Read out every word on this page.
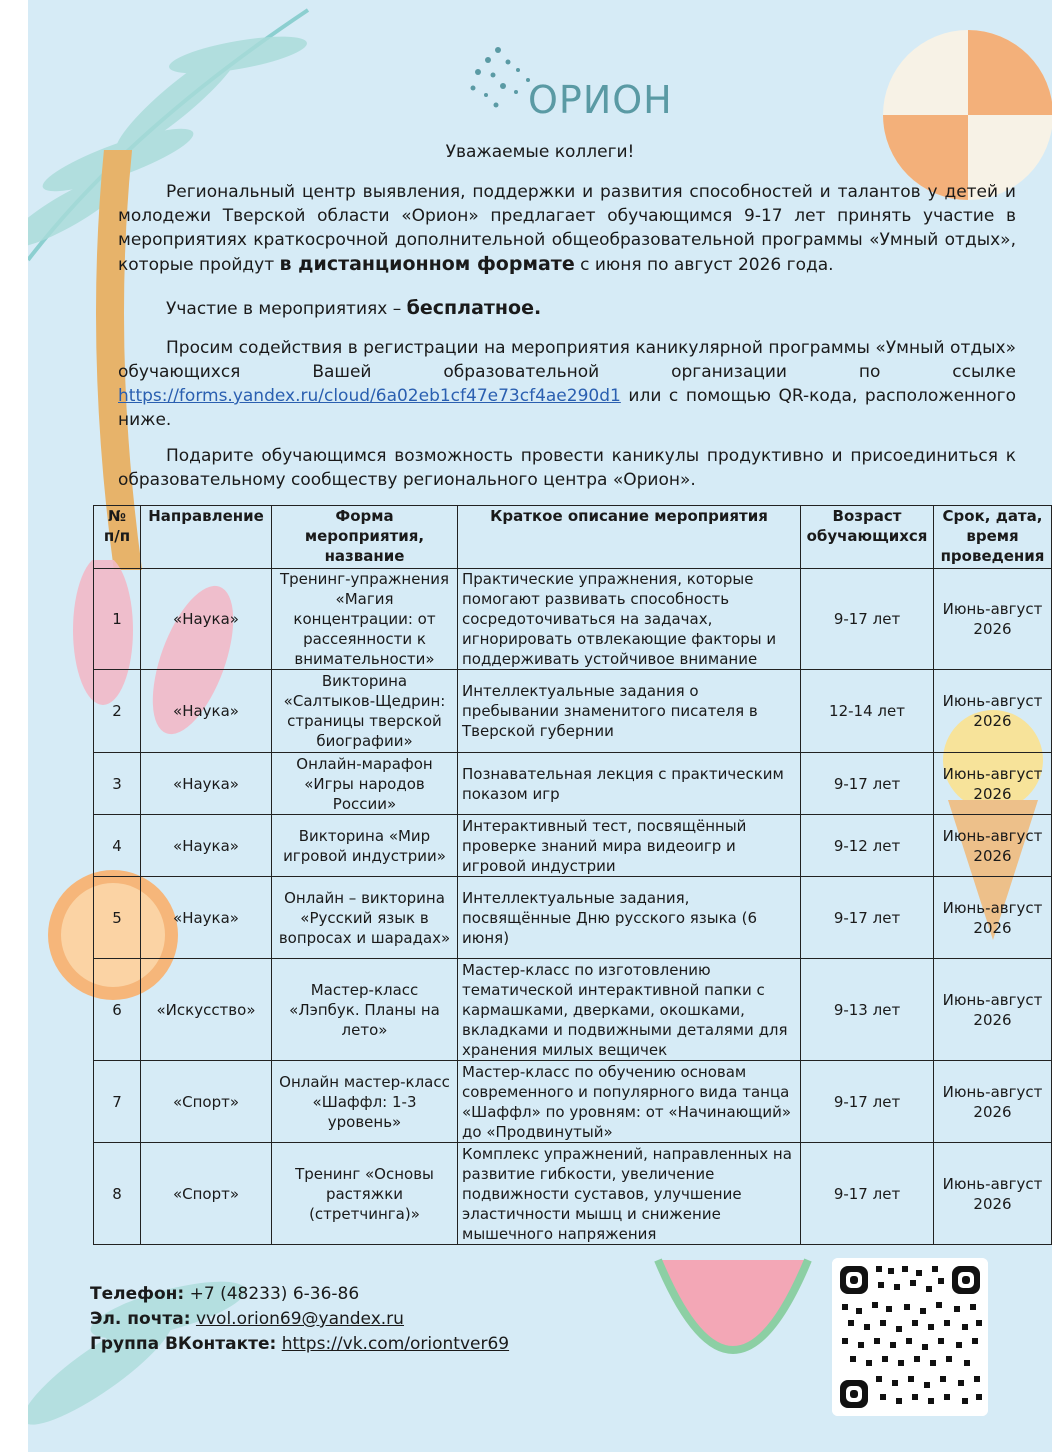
ОРИОН
Уважаемые коллеги!
Региональный центр выявления, поддержки и развития способностей и талантов у детей и молодежи Тверской области «Орион» предлагает обучающимся 9-17 лет принять участие в мероприятиях краткосрочной дополнительной общеобразовательной программы «Умный отдых», которые пройдут в дистанционном формате с июня по август 2026 года.
Участие в мероприятиях – бесплатное.
Просим содействия в регистрации на мероприятия каникулярной программы «Умный отдых» обучающихся Вашей образовательной организации по ссылке https://forms.yandex.ru/cloud/6a02eb1cf47e73cf4ae290d1 или с помощью QR-кода, расположенного ниже.
Подарите обучающимся возможность провести каникулы продуктивно и присоединиться к образовательному сообществу регионального центра «Орион».
№ п/п	Направление	Форма мероприятия, название	Краткое описание мероприятия	Возраст обучающихся	Срок, дата, время проведения
1	«Наука»	Тренинг-упражнения «Магия концентрации: от рассеянности к внимательности»	Практические упражнения, которые помогают развивать способность сосредоточиваться на задачах, игнорировать отвлекающие факторы и поддерживать устойчивое внимание	9-17 лет	Июнь-август 2026
2	«Наука»	Викторина «Салтыков-Щедрин: страницы тверской биографии»	Интеллектуальные задания о пребывании знаменитого писателя в Тверской губернии	12-14 лет	Июнь-август 2026
3	«Наука»	Онлайн-марафон «Игры народов России»	Познавательная лекция с практическим показом игр	9-17 лет	Июнь-август 2026
4	«Наука»	Викторина «Мир игровой индустрии»	Интерактивный тест, посвящённый проверке знаний мира видеоигр и игровой индустрии	9-12 лет	Июнь-август 2026
5	«Наука»	Онлайн – викторина «Русский язык в вопросах и шарадах»	Интеллектуальные задания, посвящённые Дню русского языка (6 июня)	9-17 лет	Июнь-август 2026
6	«Искусство»	Мастер-класс «Лэпбук. Планы на лето»	Мастер-класс по изготовлению тематической интерактивной папки с кармашками, дверками, окошками, вкладками и подвижными деталями для хранения милых вещичек	9-13 лет	Июнь-август 2026
7	«Спорт»	Онлайн мастер-класс «Шаффл: 1-3 уровень»	Мастер-класс по обучению основам современного и популярного вида танца «Шаффл» по уровням: от «Начинающий» до «Продвинутый»	9-17 лет	Июнь-август 2026
8	«Спорт»	Тренинг «Основы растяжки (стретчинга)»	Комплекс упражнений, направленных на развитие гибкости, увеличение подвижности суставов, улучшение эластичности мышц и снижение мышечного напряжения	9-17 лет	Июнь-август 2026
Телефон: +7 (48233) 6-36-86
Эл. почта: vvol.orion69@yandex.ru
Группа ВКонтакте: https://vk.com/oriontver69
